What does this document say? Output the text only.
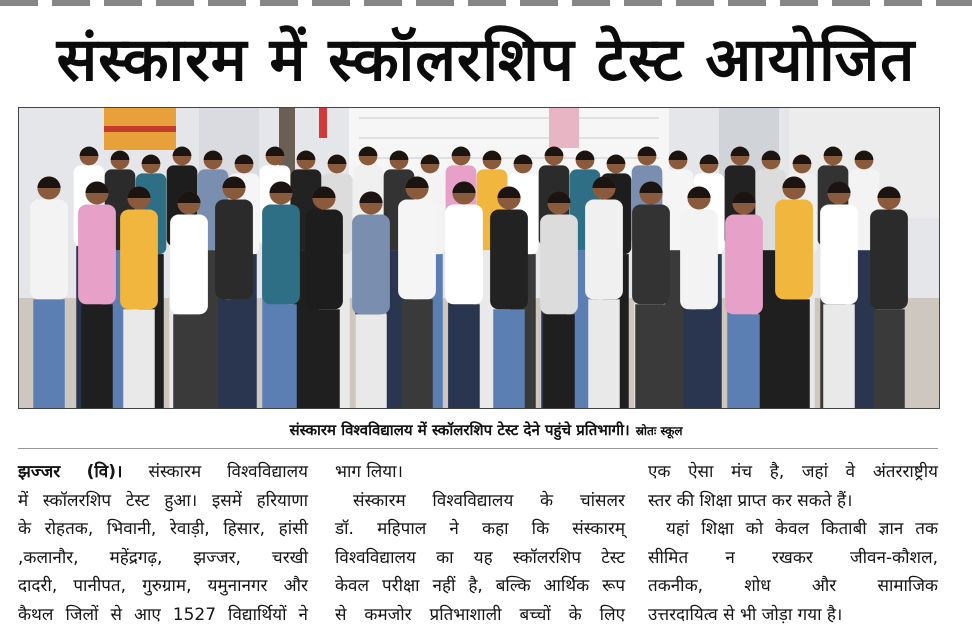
संस्कारम में स्कॉलरशिप टेस्ट आयोजित
संस्कारम विश्वविद्यालय में स्कॉलरशिप टेस्ट देने पहुंचे प्रतिभागी। स्रोतः स्कूल

झज्जर (वि)। संस्कारम विश्वविद्यालय

में स्कॉलरशिप टेस्ट हुआ। इसमें हरियाणा

के रोहतक, भिवानी, रेवाड़ी, हिसार, हांसी

,कलानौर, महेंद्रगढ़, झज्जर, चरखी

दादरी, पानीपत, गुरुग्राम, यमुनानगर और

कैथल जिलों से आए 1527 विद्यार्थियों ने

भाग लिया।

संस्कारम विश्वविद्यालय के चांसलर

डॉ. महिपाल ने कहा कि संस्कारम्

विश्वविद्यालय का यह स्कॉलरशिप टेस्ट

केवल परीक्षा नहीं है, बल्कि आर्थिक रूप

से कमजोर प्रतिभाशाली बच्चों के लिए

एक ऐसा मंच है, जहां वे अंतरराष्ट्रीय

स्तर की शिक्षा प्राप्त कर सकते हैं।

यहां शिक्षा को केवल किताबी ज्ञान तक

सीमित न रखकर जीवन-कौशल,

तकनीक, शोध और सामाजिक

उत्तरदायित्व से भी जोड़ा गया है।
